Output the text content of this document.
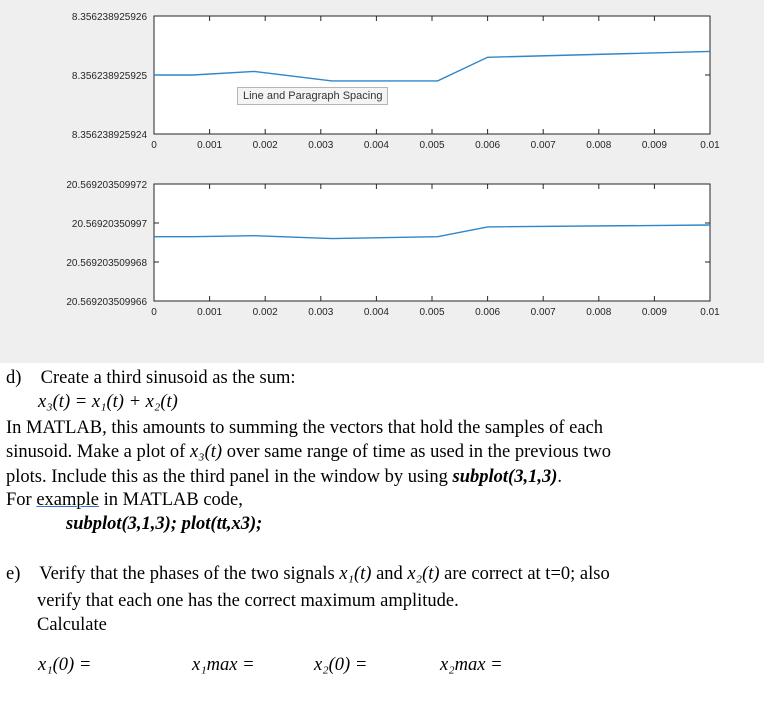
0	0.001	0.002	0.003	0.004	0.005	0.006	0.007	0.008	0.009	0.01
8.356238925926
8.356238925925
8.356238925924
0	0.001	0.002	0.003	0.004	0.005	0.006	0.007	0.008	0.009	0.01
20.569203509972
20.56920350997
20.569203509968
20.569203509966
Line and Paragraph Spacing
d) Create a third sinusoid as the sum:
x₃(t) = x₁(t) + x₂(t)
In MATLAB, this amounts to summing the vectors that hold the samples of each
sinusoid. Make a plot of x₃(t) over same range of time as used in the previous two
plots. Include this as the third panel in the window by using subplot(3,1,3).
For example in MATLAB code,
subplot(3,1,3); plot(tt,x3);
e) Verify that the phases of the two signals x₁(t) and x₂(t) are correct at t=0; also
verify that each one has the correct maximum amplitude.
Calculate
x₁(0) =	x₁max =	x₂(0) =	x₂max =
